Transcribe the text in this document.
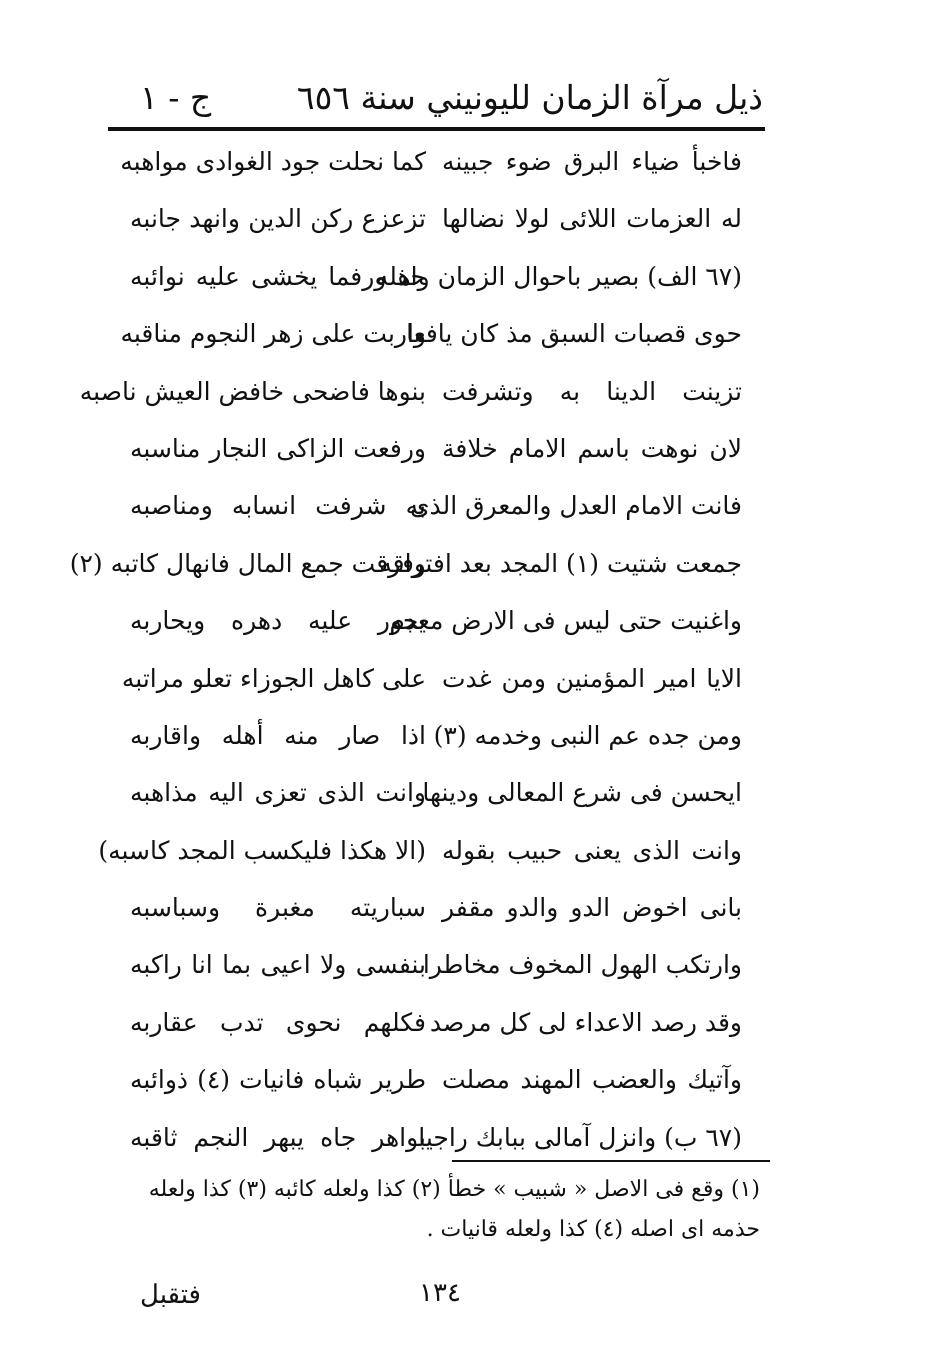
ذيل مرآة الزمان لليونيني سنة ٦٥٦
ج - ١
فاخبأ ضياء البرق ضوء جبينه
كما نحلت جود الغوادى مواهبه
له العزمات اللائى لولا نضالها
تزعزع ركن الدين وانهد جانبه
(٦٧ الف) بصير باحوال الزمان واهله
حذ ورفما يخشى عليه نوائبه
حوى قصبات السبق مذ كان يافعا
واربت على زهر النجوم مناقبه
تزينت الدينا به وتشرفت
بنوها فاضحى خافض العيش ناصبه
لان نوهت باسم الامام خلافة
ورفعت الزاكى النجار مناسبه
فانت الامام العدل والمعرق الذى
به شرفت انسابه ومناصبه
جمعت شتيت (١) المجد بعد افتراقه
وفرقت جمع المال فانهال كاتبه (٢)
واغنيت حتى ليس فى الارض معدم
يجور عليه دهره ويحاربه
الايا امير المؤمنين ومن غدت
على كاهل الجوزاء تعلو مراتبه
ومن جده عم النبى وخدمه (٣)
اذا صار منه أهله واقاربه
ايحسن فى شرع المعالى ودينها
وانت الذى تعزى اليه مذاهبه
وانت الذى يعنى حبيب بقوله
(الا هكذا فليكسب المجد كاسبه)
بانى اخوض الدو والدو مقفر
سباريته مغبرة وسباسبه
وارتكب الهول المخوف مخاطرا
بنفسى ولا اعيى بما انا راكبه
وقد رصد الاعداء لى كل مرصد
فكلهم نحوى تدب عقاربه
وآتيك والعضب المهند مصلت
طرير شباه فانيات (٤) ذوائبه
(٦٧ ب) وانزل آمالى ببابك راجيا
بواهر جاه يبهر النجم ثاقبه
(١) وقع فى الاصل « شبيب » خطأ (٢) كذا ولعله كائبه (٣) كذا ولعله
حذمه اى اصله (٤) كذا ولعله قانيات .
١٣٤
فتقبل
